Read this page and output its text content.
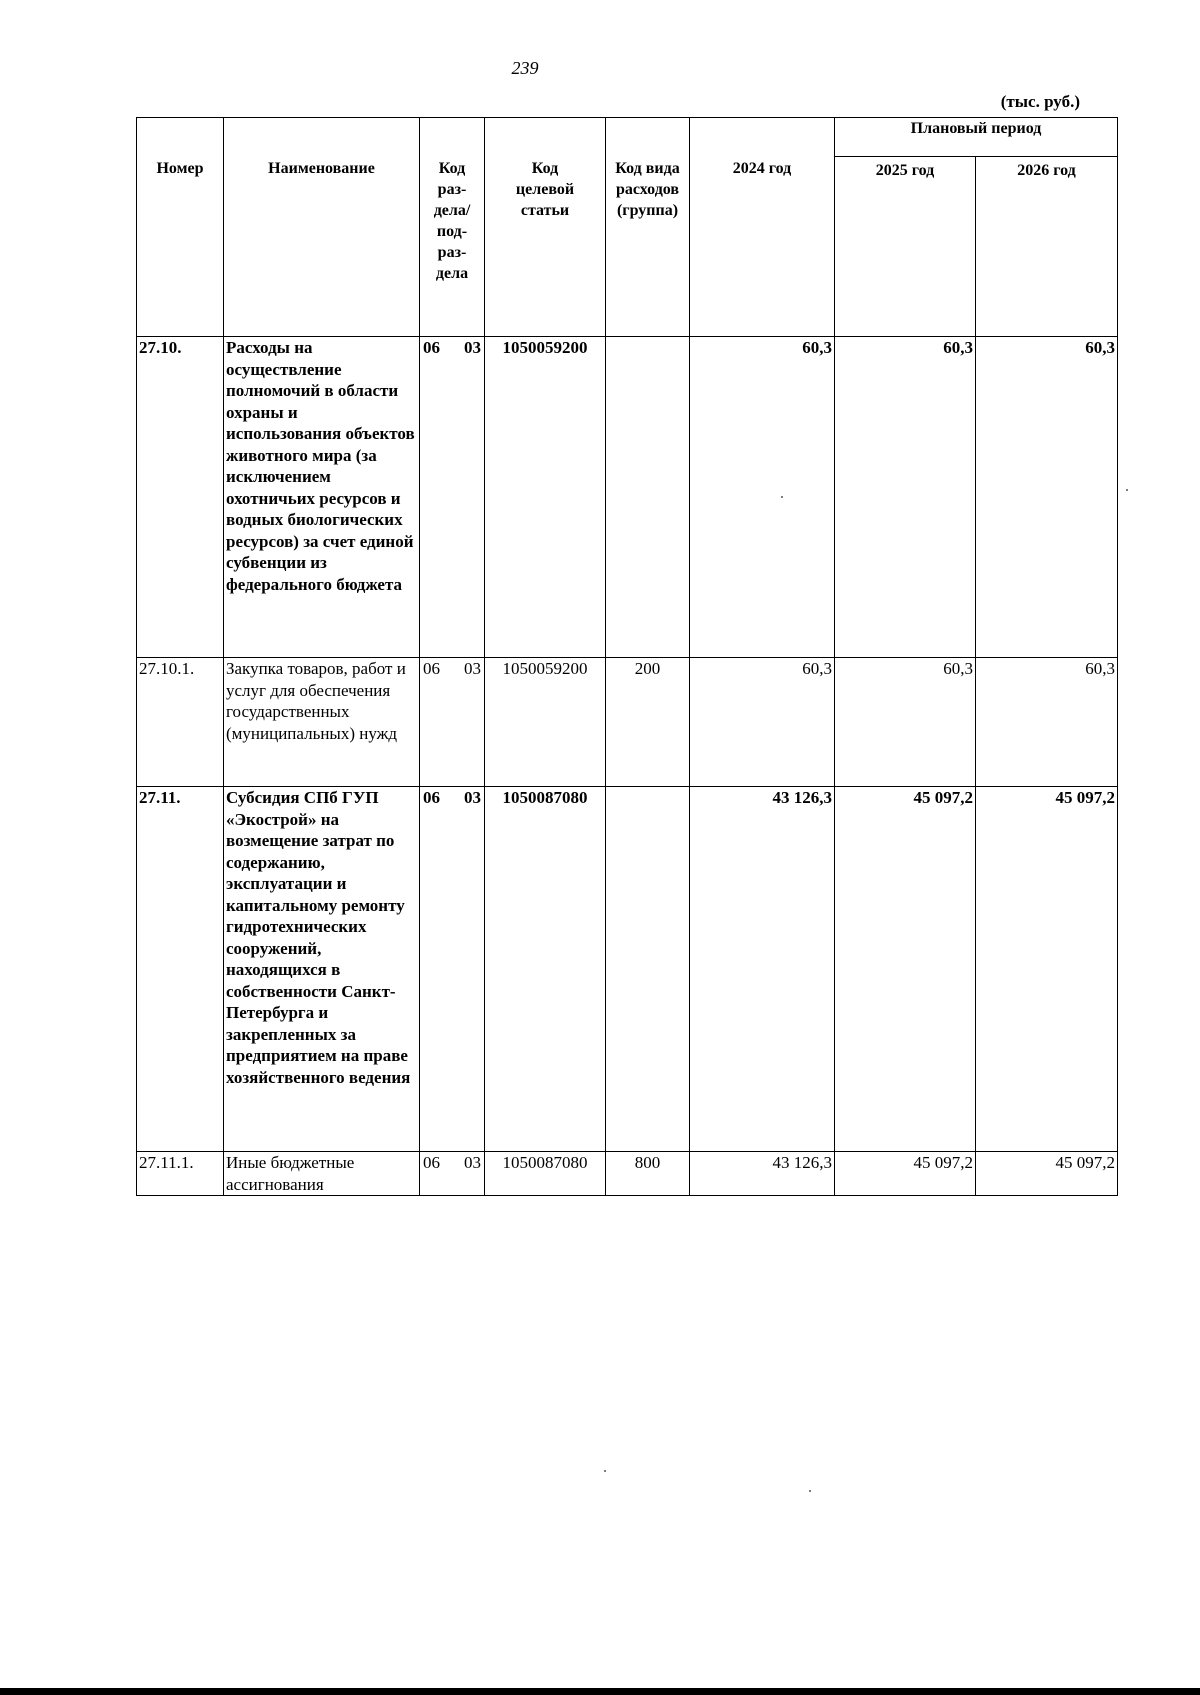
239
(тыс. руб.)
Номер	Наименование	Код раз-дела/ под-раз-дела	Код целевой статьи	Код вида расходов (группа)	2024 год	Плановый период	
						2025 год	2026 год
27.10.	Расходы на осуществление полномочий в области охраны и использования объектов животного мира (за исключением охотничьих ресурсов и водных биологических ресурсов) за счет единой субвенции из федерального бюджета	06 03	1050059200		60,3	60,3	60,3
27.10.1.	Закупка товаров, работ и услуг для обеспечения государственных (муниципальных) нужд	06 03	1050059200	200	60,3	60,3	60,3
27.11.	Субсидия СПб ГУП «Экострой» на возмещение затрат по содержанию, эксплуатации и капитальному ремонту гидротехнических сооружений, находящихся в собственности Санкт-Петербурга и закрепленных за предприятием на праве хозяйственного ведения	06 03	1050087080		43 126,3	45 097,2	45 097,2
27.11.1.	Иные бюджетные ассигнования	06 03	1050087080	800	43 126,3	45 097,2	45 097,2
